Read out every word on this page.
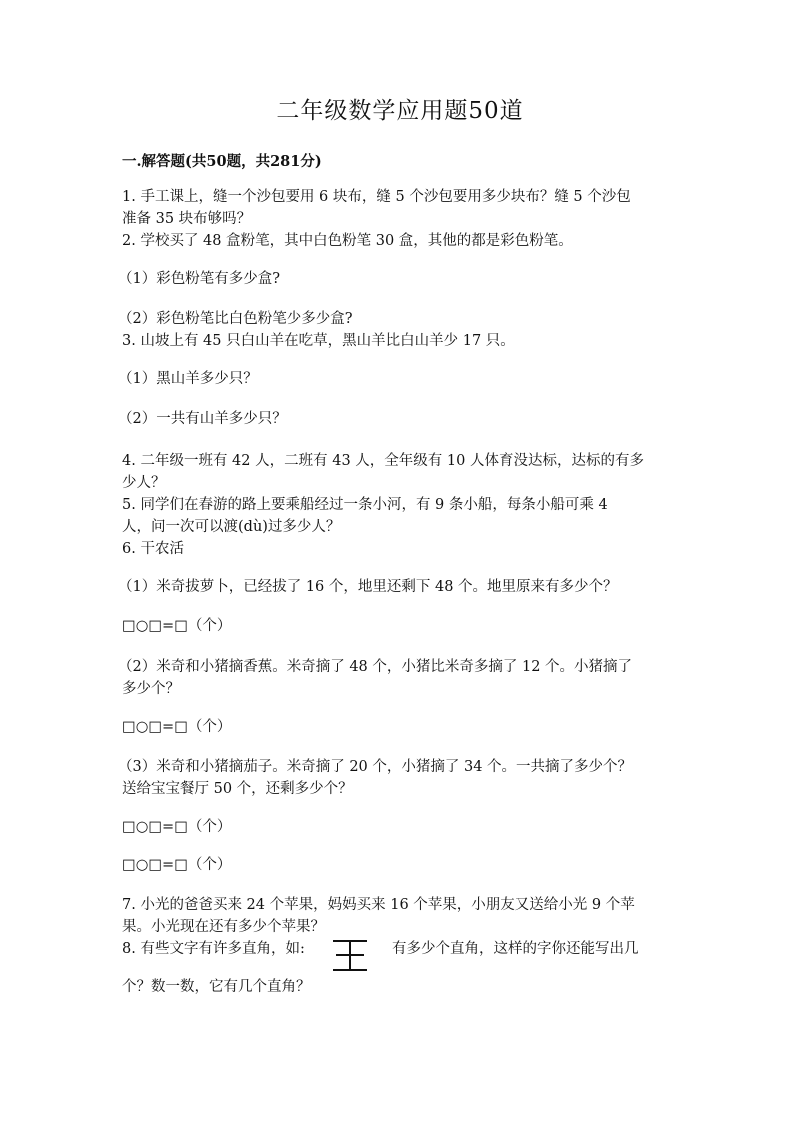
二年级数学应用题50道
一.解答题(共50题，共281分)
1. 手工课上，缝一个沙包要用 6 块布，缝 5 个沙包要用多少块布？缝 5 个沙包
准备 35 块布够吗？
2. 学校买了 48 盒粉笔，其中白色粉笔 30 盒，其他的都是彩色粉笔。
（1）彩色粉笔有多少盒?
（2）彩色粉笔比白色粉笔少多少盒?
3. 山坡上有 45 只白山羊在吃草，黑山羊比白山羊少 17 只。
（1）黑山羊多少只？
（2）一共有山羊多少只？
4. 二年级一班有 42 人，二班有 43 人，全年级有 10 人体育没达标，达标的有多
少人？
5. 同学们在春游的路上要乘船经过一条小河，有 9 条小船，每条小船可乘 4
人，问一次可以渡(dù)过多少人？
6. 干农活
（1）米奇拔萝卜，已经拔了 16 个，地里还剩下 48 个。地里原来有多少个？
□○□=□（个）
（2）米奇和小猪摘香蕉。米奇摘了 48 个，小猪比米奇多摘了 12 个。小猪摘了
多少个？
□○□=□（个）
（3）米奇和小猪摘茄子。米奇摘了 20 个，小猪摘了 34 个。一共摘了多少个？
送给宝宝餐厅 50 个，还剩多少个？
□○□=□（个）
□○□=□（个）
7. 小光的爸爸买来 24 个苹果，妈妈买来 16 个苹果，小朋友又送给小光 9 个苹
果。小光现在还有多少个苹果？
8. 有些文字有许多直角，如:	有多少个直角，这样的字你还能写出几
个？数一数，它有几个直角？
